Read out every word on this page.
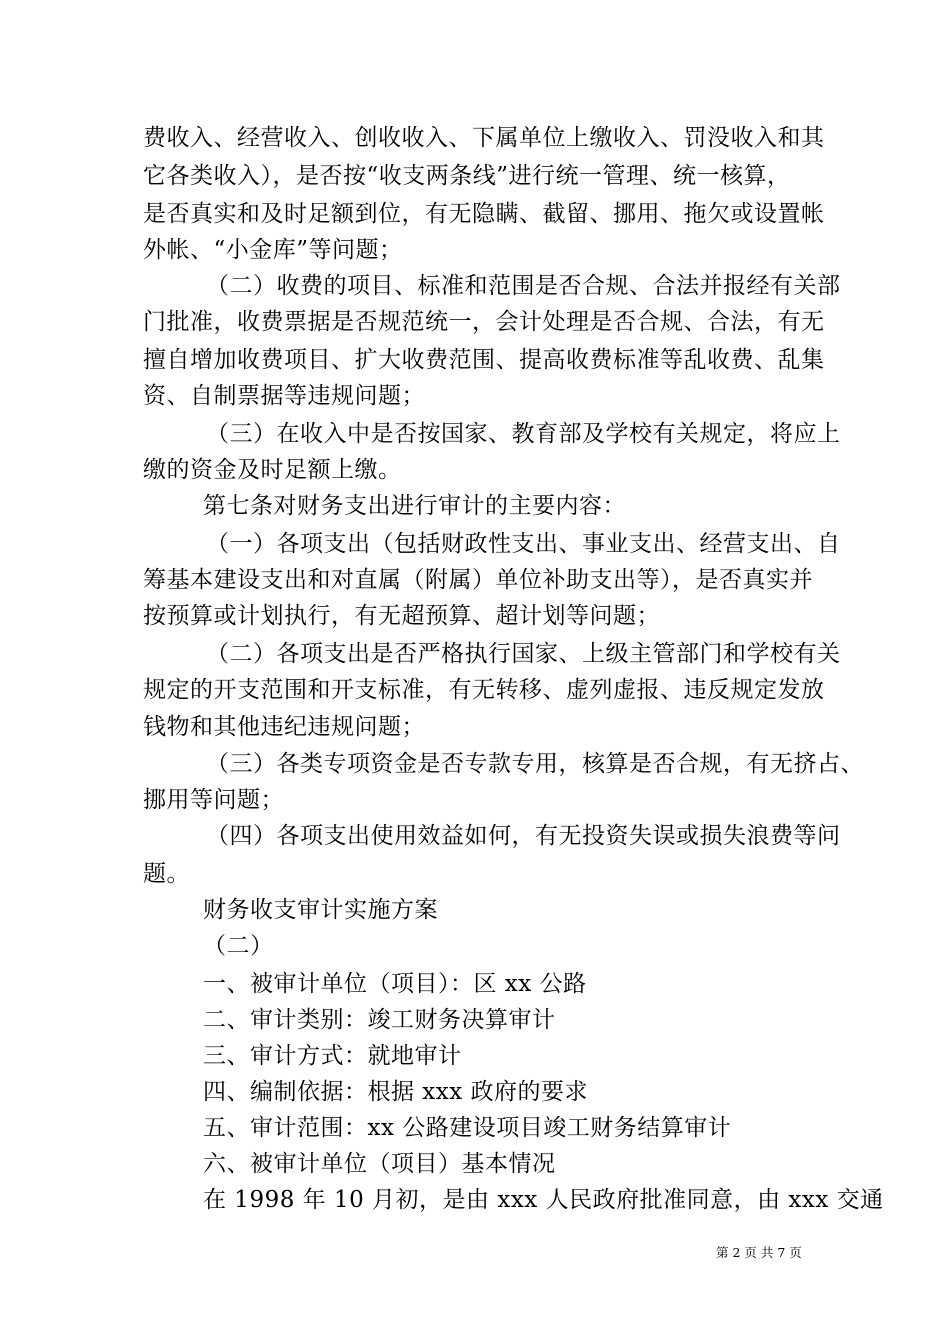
费收入、经营收入、创收收入、下属单位上缴收入、罚没收入和其
它各类收入），是否按“收支两条线”进行统一管理、统一核算，
是否真实和及时足额到位，有无隐瞒、截留、挪用、拖欠或设置帐
外帐、“小金库”等问题；
（二）收费的项目、标准和范围是否合规、合法并报经有关部
门批准，收费票据是否规范统一，会计处理是否合规、合法，有无
擅自增加收费项目、扩大收费范围、提高收费标准等乱收费、乱集
资、自制票据等违规问题；
（三）在收入中是否按国家、教育部及学校有关规定，将应上
缴的资金及时足额上缴。
第七条对财务支出进行审计的主要内容：
（一）各项支出（包括财政性支出、事业支出、经营支出、自
筹基本建设支出和对直属（附属）单位补助支出等），是否真实并
按预算或计划执行，有无超预算、超计划等问题；
（二）各项支出是否严格执行国家、上级主管部门和学校有关
规定的开支范围和开支标准，有无转移、虚列虚报、违反规定发放
钱物和其他违纪违规问题；
（三）各类专项资金是否专款专用，核算是否合规，有无挤占、
挪用等问题；
（四）各项支出使用效益如何，有无投资失误或损失浪费等问
题。
财务收支审计实施方案
（二）
一、被审计单位（项目）：区 xx 公路
二、审计类别：竣工财务决算审计
三、审计方式：就地审计
四、编制依据：根据 xxx 政府的要求
五、审计范围：xx 公路建设项目竣工财务结算审计
六、被审计单位（项目）基本情况
在 1998 年 10 月初，是由 xxx 人民政府批准同意，由 xxx 交通
第 2 页 共 7 页
